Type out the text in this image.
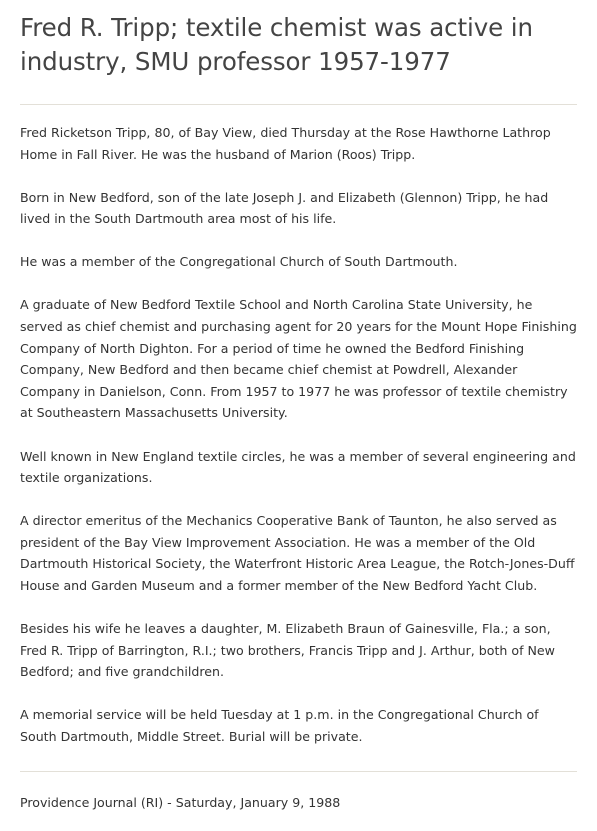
Fred R. Tripp; textile chemist was active in industry, SMU professor 1957-1977

Fred Ricketson Tripp, 80, of Bay View, died Thursday at the Rose Hawthorne Lathrop Home in Fall River. He was the husband of Marion (Roos) Tripp.

Born in New Bedford, son of the late Joseph J. and Elizabeth (Glennon) Tripp, he had lived in the South Dartmouth area most of his life.

He was a member of the Congregational Church of South Dartmouth.

A graduate of New Bedford Textile School and North Carolina State University, he served as chief chemist and purchasing agent for 20 years for the Mount Hope Finishing Company of North Dighton. For a period of time he owned the Bedford Finishing Company, New Bedford and then became chief chemist at Powdrell, Alexander Company in Danielson, Conn. From 1957 to 1977 he was professor of textile chemistry at Southeastern Massachusetts University.

Well known in New England textile circles, he was a member of several engineering and textile organizations.

A director emeritus of the Mechanics Cooperative Bank of Taunton, he also served as president of the Bay View Improvement Association. He was a member of the Old Dartmouth Historical Society, the Waterfront Historic Area League, the Rotch-Jones-Duff House and Garden Museum and a former member of the New Bedford Yacht Club.

Besides his wife he leaves a daughter, M. Elizabeth Braun of Gainesville, Fla.; a son, Fred R. Tripp of Barrington, R.I.; two brothers, Francis Tripp and J. Arthur, both of New Bedford; and five grandchildren.

A memorial service will be held Tuesday at 1 p.m. in the Congregational Church of South Dartmouth, Middle Street. Burial will be private.

Providence Journal (RI) - Saturday, January 9, 1988
